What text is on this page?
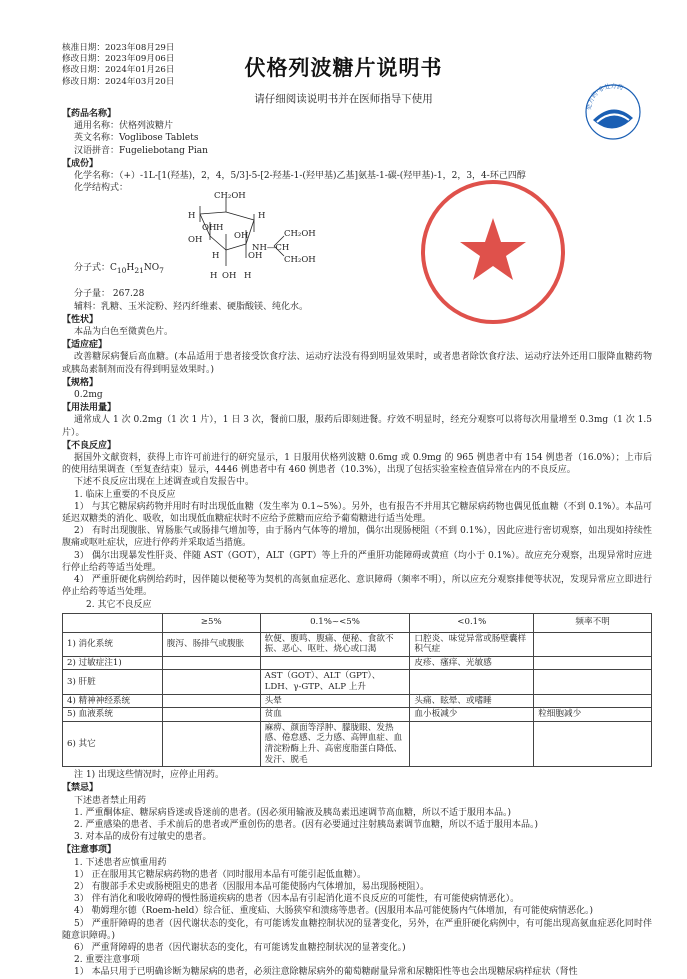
核准日期：2023年08月29日
修改日期：2023年09月06日
修改日期：2024年01月26日
修改日期：2024年03月20日
伏格列波糖片说明书
请仔细阅读说明书并在医师指导下使用
处方药·非处方药
【药品名称】
通用名称：伏格列波糖片
英文名称：Voglibose Tablets
汉语拼音：Fugeliebotang Pian
【成份】
化学名称：（+）-1L-[1(羟基)，2，4，5/3]-5-[2-羟基-1-(羟甲基)乙基]氨基-1-碳-(羟甲基)-1，2，3，4-环己四醇
化学结构式：
CH₂OH
H
OH H
H
OH	OH
H	OH
NH—CH
CH₂OH
CH₂OH
H OH H
分子式：$C_{10}H_{21}NO_7$
分子量： 267.28
辅料：乳糖、玉米淀粉、羟丙纤维素、硬脂酸镁、纯化水。
【性状】
本品为白色至微黄色片。
【适应症】
改善糖尿病餐后高血糖。(本品适用于患者接受饮食疗法、运动疗法没有得到明显效果时，或者患者除饮食疗法、运动疗法外还用口服降血糖药物或胰岛素制剂而没有得到明显效果时。)
【规格】
0.2mg
【用法用量】
通常成人 1 次 0.2mg（1 次 1 片），1 日 3 次，餐前口服，服药后即刻进餐。疗效不明显时，经充分观察可以将每次用量增至 0.3mg（1 次 1.5 片）。
【不良反应】
据国外文献资料，获得上市许可前进行的研究显示，1 日服用伏格列波糖 0.6mg 或 0.9mg 的 965 例患者中有 154 例患者（16.0%）；上市后的使用结果调查（至复查结束）显示，4446 例患者中有 460 例患者（10.3%），出现了包括实验室检查值异常在内的不良反应。
下述不良反应出现在上述调查或自发报告中。
1. 临床上重要的不良反应
1） 与其它糖尿病药物并用时有时出现低血糖（发生率为 0.1~5%）。另外，也有报告不并用其它糖尿病药物也偶见低血糖（不到 0.1%）。本品可延迟双糖类的消化、吸收，如出现低血糖症状时不应给予蔗糖而应给予葡萄糖进行适当处理。
2） 有时出现腹胀、胃肠胀气或肠排气增加等，由于肠内气体等的增加，偶尔出现肠梗阻（不到 0.1%），因此应进行密切观察，如出现如持续性腹痛或呕吐症状，应进行停药并采取适当措施。
3） 偶尔出现暴发性肝炎、伴随 AST（GOT），ALT（GPT）等上升的严重肝功能障碍或黄疸（均小于 0.1%）。故应充分观察，出现异常时应进行停止给药等适当处理。
4） 严重肝硬化病例给药时，因伴随以便秘等为契机的高氨血症恶化、意识障碍（频率不明），所以应充分观察排便等状况，发现异常应立即进行停止给药等适当处理。
2. 其它不良反应
	≥5%	0.1%~<5%	<0.1%	频率不明
1) 消化系统	腹泻、肠排气或腹胀	软便、腹鸣、腹痛、便秘、食欲不振、恶心、呕吐、烧心或口渴	口腔炎、味觉异常或肠壁囊样积气症	
2) 过敏症注1)			皮疹、瘙痒、光敏感	
3) 肝脏		AST（GOT）、ALT（GPT）、LDH、γ-GTP、ALP 上升		
4) 精神神经系统		头晕	头痛、眩晕、或嗜睡	
5) 血液系统		贫血	血小板减少	粒细胞减少
6) 其它		麻痹、颜面等浮肿、朦胧眼、发热感、倦怠感、乏力感、高钾血症、血清淀粉酶上升、高密度脂蛋白降低、发汗、脱毛		
注 1) 出现这些情况时，应停止用药。
【禁忌】
下述患者禁止用药
1. 严重酮体症、糖尿病昏迷或昏迷前的患者。(因必须用输液及胰岛素迅速调节高血糖，所以不适于服用本品。)
2. 严重感染的患者、手术前后的患者或严重创伤的患者。(因有必要通过注射胰岛素调节血糖，所以不适于服用本品。)
3. 对本品的成份有过敏史的患者。
【注意事项】
1. 下述患者应慎重用药
1） 正在服用其它糖尿病药物的患者（同时服用本品有可能引起低血糖）。
2） 有腹部手术史或肠梗阻史的患者（因服用本品可能使肠内气体增加，易出现肠梗阻）。
3） 伴有消化和吸收障碍的慢性肠道疾病的患者（因本品有引起消化道不良反应的可能性，有可能使病情恶化）。
4） 勒姆理尔德（Roem-held）综合征、重度疝、大肠狭窄和溃疡等患者。(因服用本品可能使肠内气体增加，有可能使病情恶化。)
5） 严重肝障碍的患者（因代谢状态的变化，有可能诱发血糖控制状况的显著变化，另外，在严重肝硬化病例中，有可能出现高氨血症恶化同时伴随意识障碍。)
6） 严重肾障碍的患者（因代谢状态的变化，有可能诱发血糖控制状况的显著变化。)
2. 重要注意事项
1） 本品只用于已明确诊断为糖尿病的患者，必须注意除糖尿病外的葡萄糖耐量异常和尿糖阳性等也会出现糖尿病样症状（肾性
